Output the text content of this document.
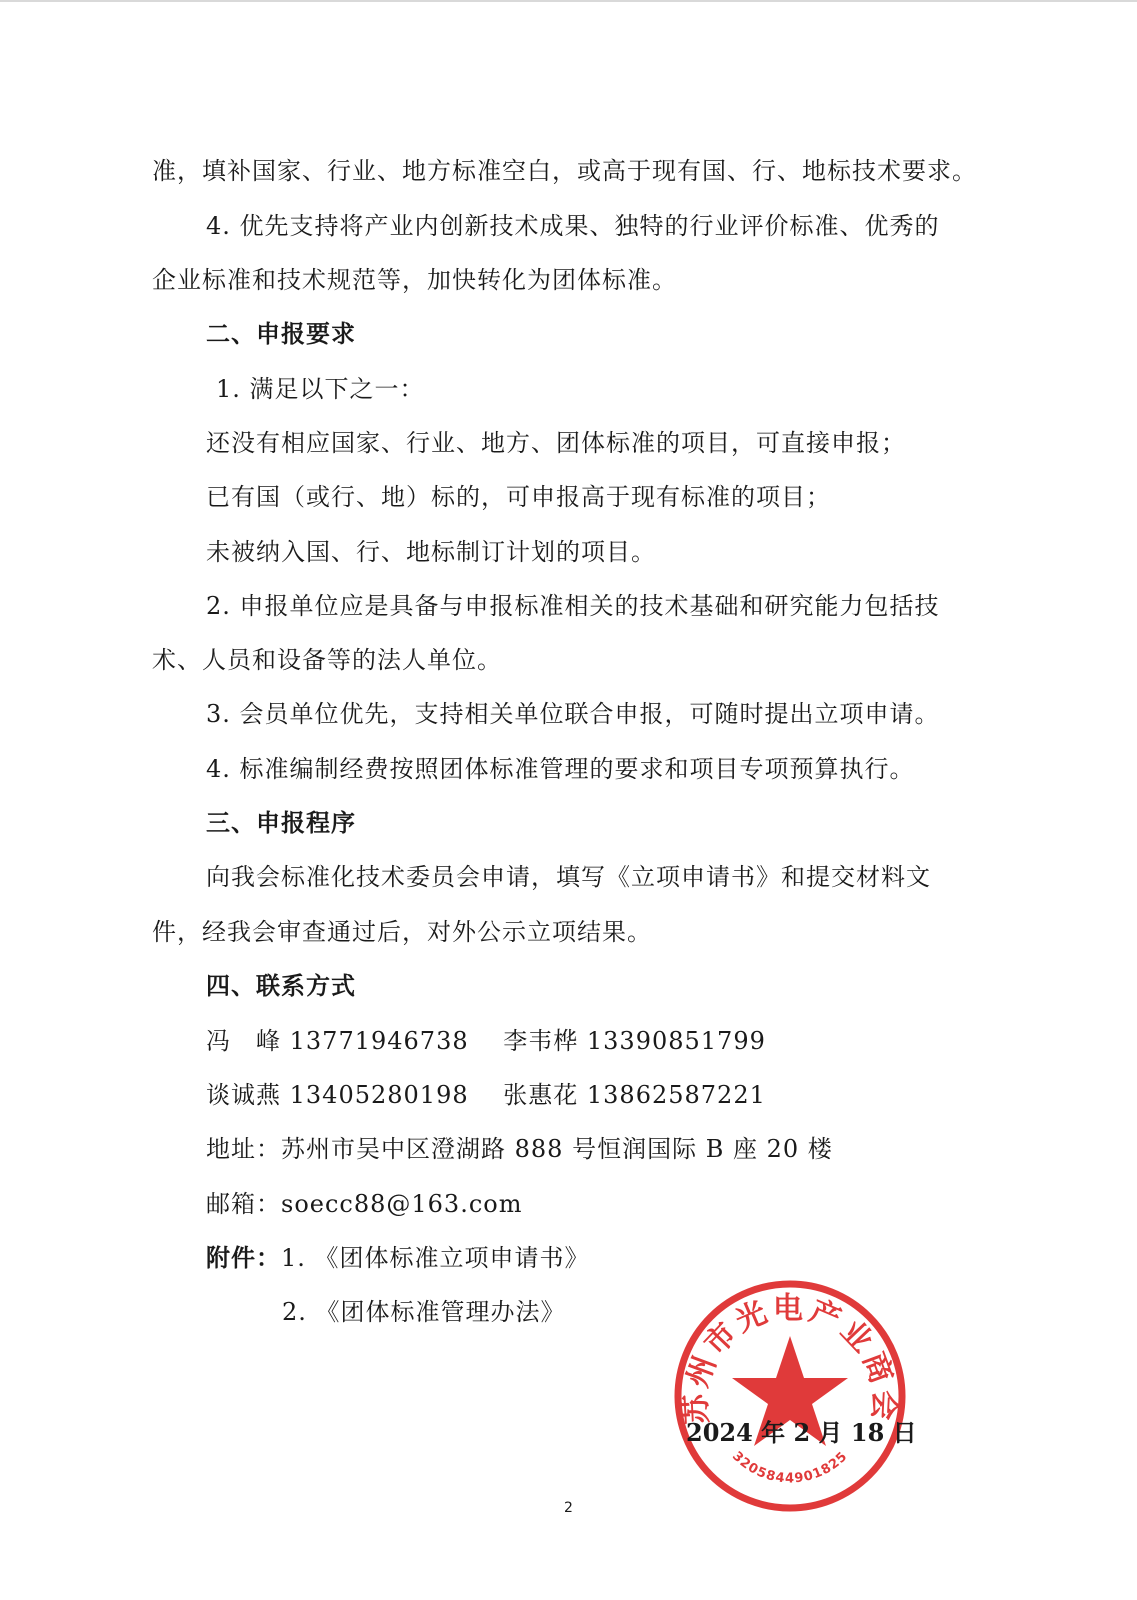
准，填补国家、行业、地方标准空白，或高于现有国、行、地标技术要求。
4. 优先支持将产业内创新技术成果、独特的行业评价标准、优秀的
企业标准和技术规范等，加快转化为团体标准。
二、申报要求
1. 满足以下之一：
还没有相应国家、行业、地方、团体标准的项目，可直接申报；
已有国（或行、地）标的，可申报高于现有标准的项目；
未被纳入国、行、地标制订计划的项目。
2. 申报单位应是具备与申报标准相关的技术基础和研究能力包括技
术、人员和设备等的法人单位。
3. 会员单位优先，支持相关单位联合申报，可随时提出立项申请。
4. 标准编制经费按照团体标准管理的要求和项目专项预算执行。
三、申报程序
向我会标准化技术委员会申请，填写《立项申请书》和提交材料文
件，经我会审查通过后，对外公示立项结果。
四、联系方式
冯　峰 13771946738 李韦桦 13390851799
谈诚燕 13405280198 张惠花 13862587221
地址：苏州市吴中区澄湖路 888 号恒润国际 B 座 20 楼
邮箱：soecc88@163.com
附件：1. 《团体标准立项申请书》
2. 《团体标准管理办法》
苏州市光电产业商会
3205844901825
2024 年 2 月 18 日
2
